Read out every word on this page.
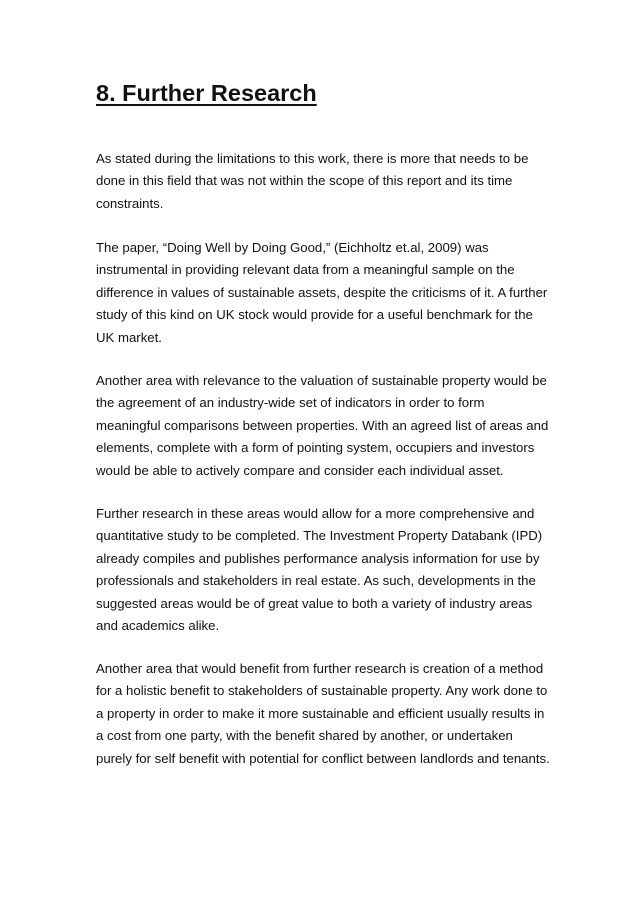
8. Further Research

As stated during the limitations to this work, there is more that needs to be
done in this field that was not within the scope of this report and its time
constraints.

The paper, “Doing Well by Doing Good,” (Eichholtz et.al, 2009) was
instrumental in providing relevant data from a meaningful sample on the
difference in values of sustainable assets, despite the criticisms of it. A further
study of this kind on UK stock would provide for a useful benchmark for the
UK market.

Another area with relevance to the valuation of sustainable property would be
the agreement of an industry-wide set of indicators in order to form
meaningful comparisons between properties. With an agreed list of areas and
elements, complete with a form of pointing system, occupiers and investors
would be able to actively compare and consider each individual asset.

Further research in these areas would allow for a more comprehensive and
quantitative study to be completed. The Investment Property Databank (IPD)
already compiles and publishes performance analysis information for use by
professionals and stakeholders in real estate. As such, developments in the
suggested areas would be of great value to both a variety of industry areas
and academics alike.

Another area that would benefit from further research is creation of a method
for a holistic benefit to stakeholders of sustainable property. Any work done to
a property in order to make it more sustainable and efficient usually results in
a cost from one party, with the benefit shared by another, or undertaken
purely for self benefit with potential for conflict between landlords and tenants.
